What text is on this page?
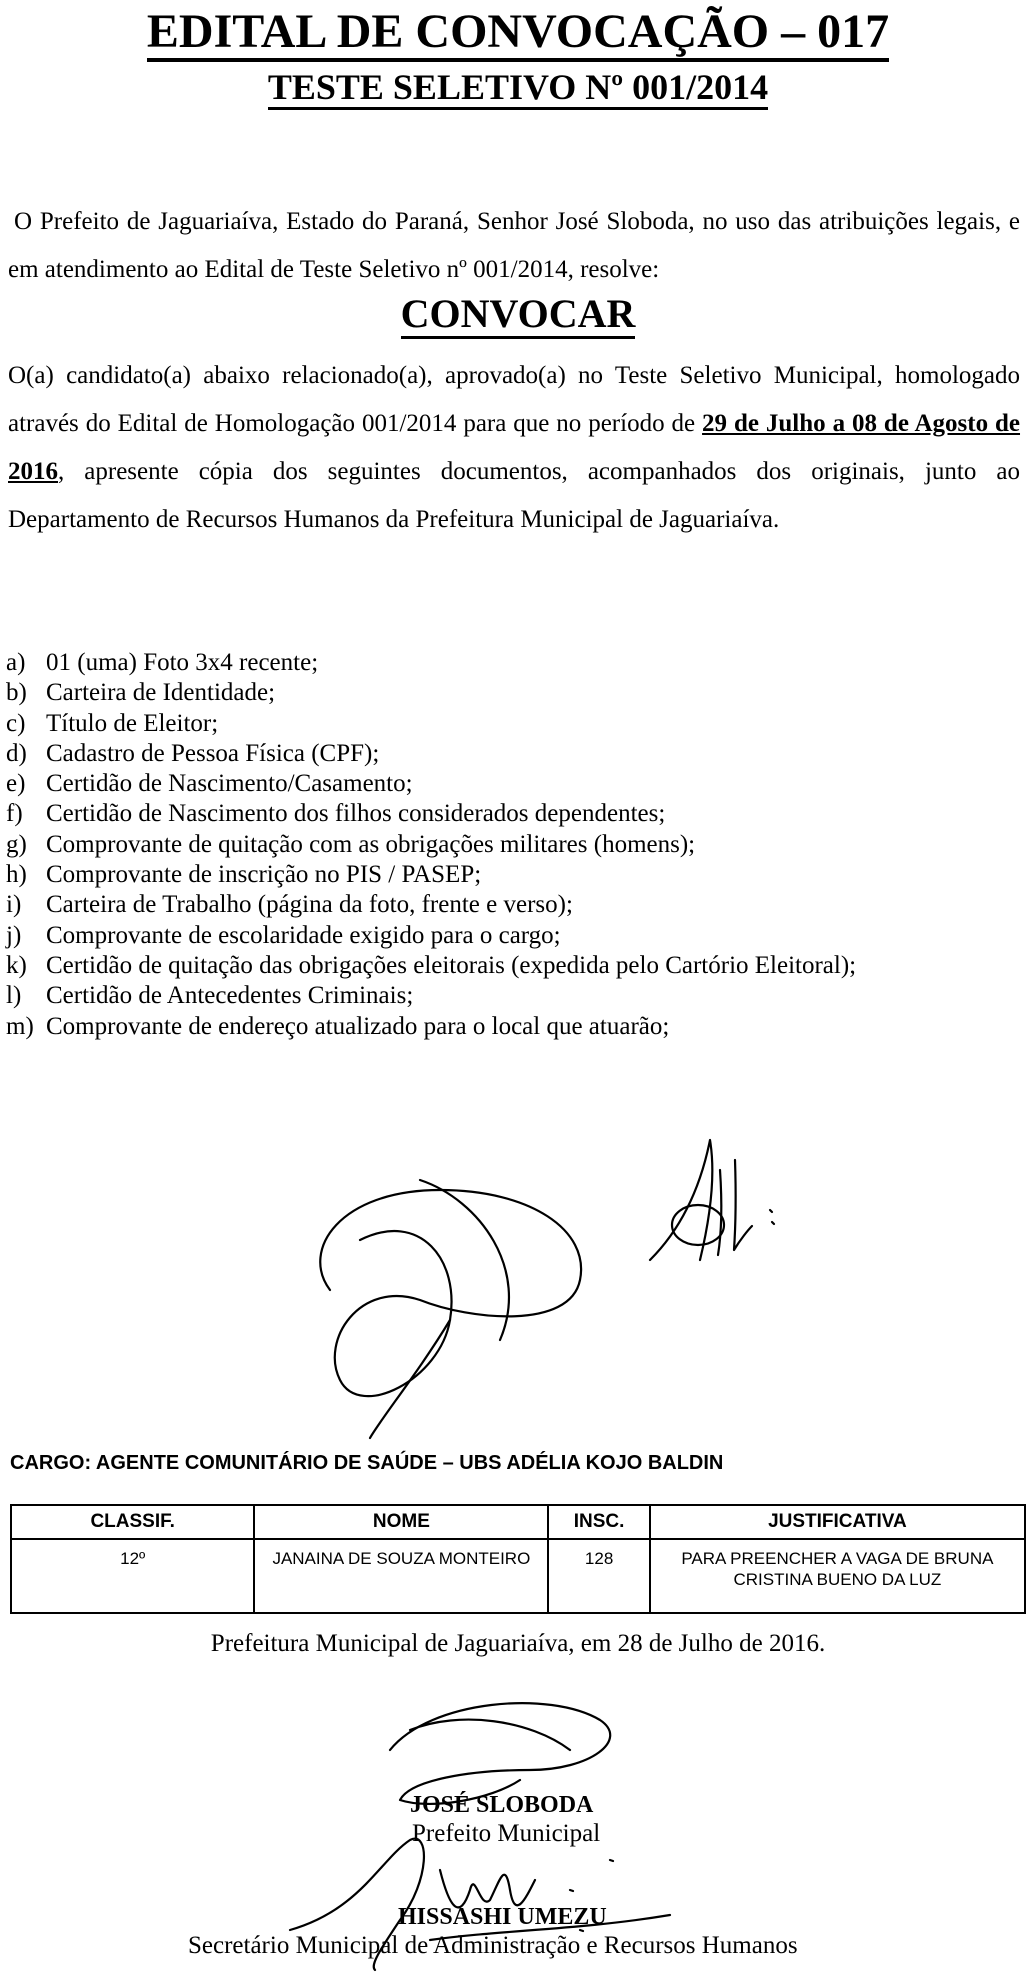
EDITAL DE CONVOCAÇÃO – 017
TESTE SELETIVO Nº 001/2014
O Prefeito de Jaguariaíva, Estado do Paraná, Senhor José Sloboda, no uso das atribuições legais, e em atendimento ao Edital de Teste Seletivo nº 001/2014, resolve:
CONVOCAR
O(a) candidato(a) abaixo relacionado(a), aprovado(a) no Teste Seletivo Municipal, homologado através do Edital de Homologação 001/2014 para que no período de 29 de Julho a 08 de Agosto de 2016, apresente cópia dos seguintes documentos, acompanhados dos originais, junto ao Departamento de Recursos Humanos da Prefeitura Municipal de Jaguariaíva.
a) 01 (uma) Foto 3x4 recente;
b) Carteira de Identidade;
c) Título de Eleitor;
d) Cadastro de Pessoa Física (CPF);
e) Certidão de Nascimento/Casamento;
f) Certidão de Nascimento dos filhos considerados dependentes;
g) Comprovante de quitação com as obrigações militares (homens);
h) Comprovante de inscrição no PIS / PASEP;
i) Carteira de Trabalho (página da foto, frente e verso);
j) Comprovante de escolaridade exigido para o cargo;
k) Certidão de quitação das obrigações eleitorais (expedida pelo Cartório Eleitoral);
l) Certidão de Antecedentes Criminais;
m) Comprovante de endereço atualizado para o local que atuarão;
CARGO: AGENTE COMUNITÁRIO DE SAÚDE – UBS ADÉLIA KOJO BALDIN
CLASSIF.	NOME	INSC.	JUSTIFICATIVA
12º	JANAINA DE SOUZA MONTEIRO	128	PARA PREENCHER A VAGA DE BRUNA CRISTINA BUENO DA LUZ
Prefeitura Municipal de Jaguariaíva, em 28 de Julho de 2016.
JOSÉ SLOBODA
Prefeito Municipal
HISSASHI UMEZU
Secretário Municipal de Administração e Recursos Humanos
